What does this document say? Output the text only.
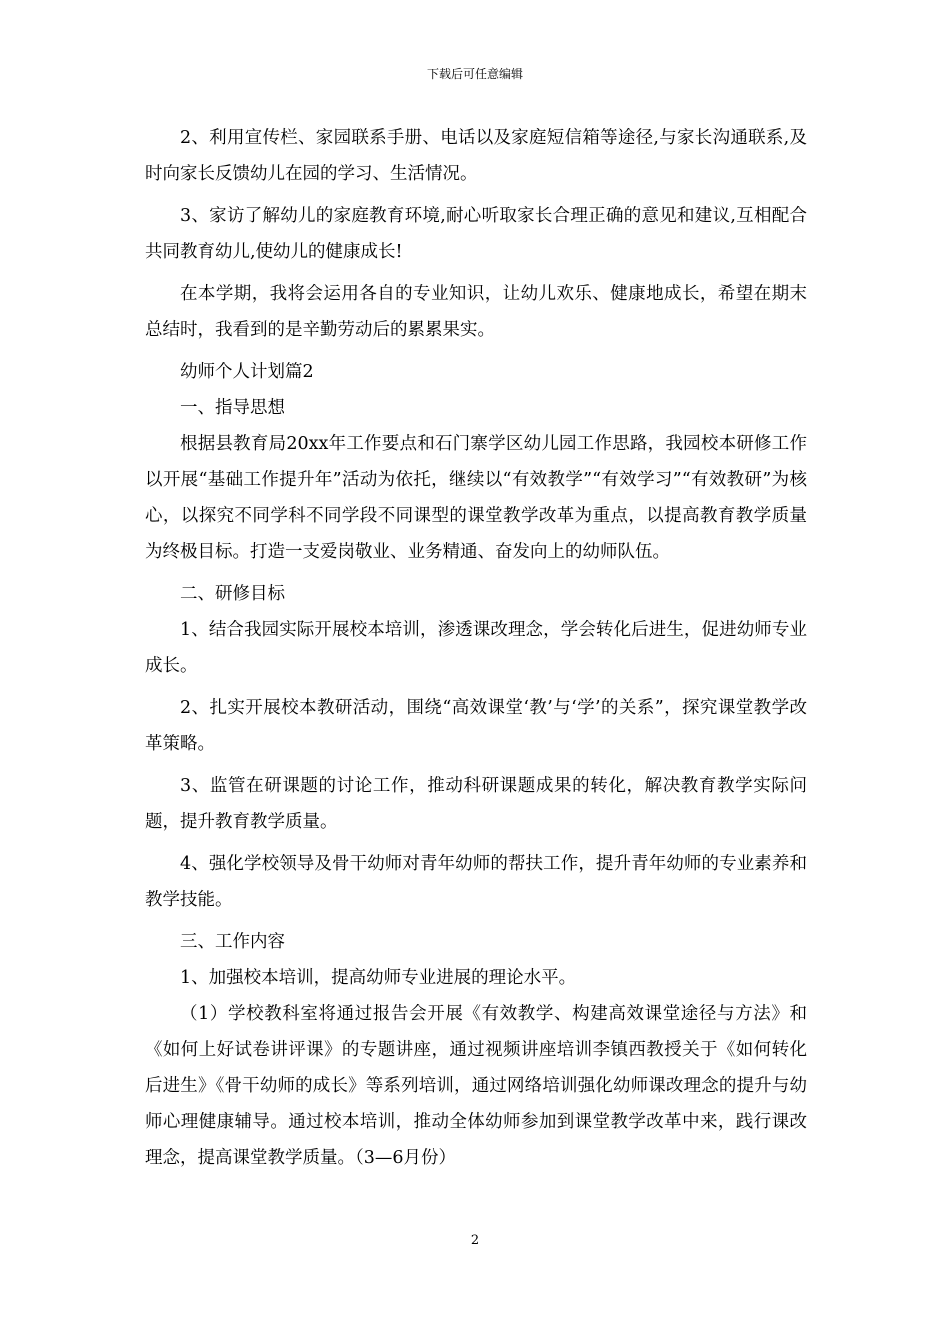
下载后可任意编辑

2、利用宣传栏、家园联系手册、电话以及家庭短信箱等途径,与家长沟通联系,及时向家长反馈幼儿在园的学习、生活情况。

3、家访了解幼儿的家庭教育环境,耐心听取家长合理正确的意见和建议,互相配合共同教育幼儿,使幼儿的健康成长!

在本学期，我将会运用各自的专业知识，让幼儿欢乐、健康地成长，希望在期末总结时，我看到的是辛勤劳动后的累累果实。

幼师个人计划篇2

一、指导思想

根据县教育局20xx年工作要点和石门寨学区幼儿园工作思路，我园校本研修工作以开展“基础工作提升年”活动为依托，继续以“有效教学”“有效学习”“有效教研”为核心，以探究不同学科不同学段不同课型的课堂教学改革为重点，以提高教育教学质量为终极目标。打造一支爱岗敬业、业务精通、奋发向上的幼师队伍。

二、研修目标

1、结合我园实际开展校本培训，渗透课改理念，学会转化后进生，促进幼师专业成长。

2、扎实开展校本教研活动，围绕“高效课堂‘教’与‘学’的关系”，探究课堂教学改革策略。

3、监管在研课题的讨论工作，推动科研课题成果的转化，解决教育教学实际问题，提升教育教学质量。

4、强化学校领导及骨干幼师对青年幼师的帮扶工作，提升青年幼师的专业素养和教学技能。

三、工作内容

1、加强校本培训，提高幼师专业进展的理论水平。

（1）学校教科室将通过报告会开展《有效教学、构建高效课堂途径与方法》和《如何上好试卷讲评课》的专题讲座，通过视频讲座培训李镇西教授关于《如何转化后进生》《骨干幼师的成长》等系列培训，通过网络培训强化幼师课改理念的提升与幼师心理健康辅导。通过校本培训，推动全体幼师参加到课堂教学改革中来，践行课改理念，提高课堂教学质量。（3—6月份）

2
